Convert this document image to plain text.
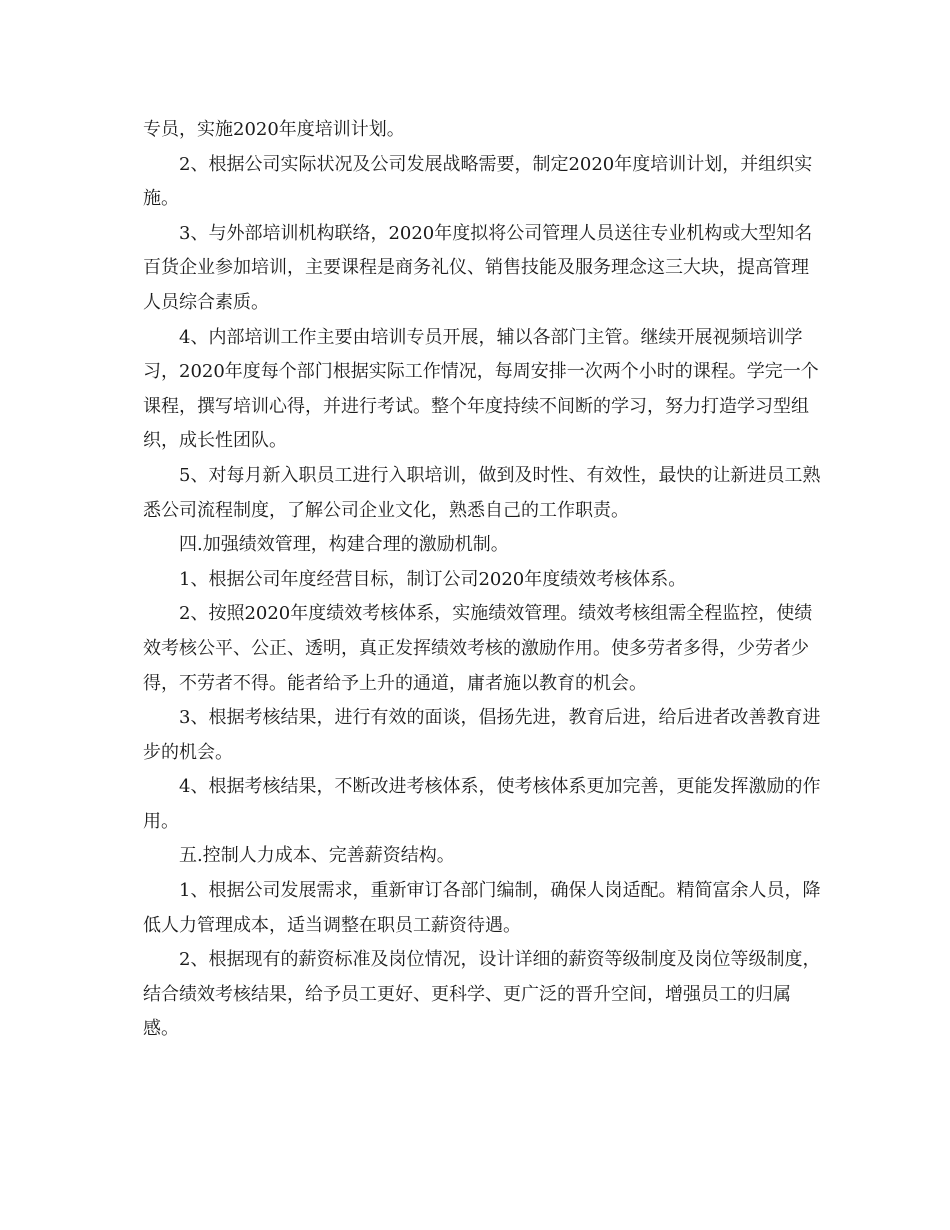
专员，实施2020年度培训计划。

2、根据公司实际状况及公司发展战略需要，制定2020年度培训计划，并组织实施。

3、与外部培训机构联络，2020年度拟将公司管理人员送往专业机构或大型知名百货企业参加培训，主要课程是商务礼仪、销售技能及服务理念这三大块，提高管理人员综合素质。

4、内部培训工作主要由培训专员开展，辅以各部门主管。继续开展视频培训学习，2020年度每个部门根据实际工作情况，每周安排一次两个小时的课程。学完一个课程，撰写培训心得，并进行考试。整个年度持续不间断的学习，努力打造学习型组织，成长性团队。

5、对每月新入职员工进行入职培训，做到及时性、有效性，最快的让新进员工熟悉公司流程制度，了解公司企业文化，熟悉自己的工作职责。

四.加强绩效管理，构建合理的激励机制。

1、根据公司年度经营目标，制订公司2020年度绩效考核体系。

2、按照2020年度绩效考核体系，实施绩效管理。绩效考核组需全程监控，使绩效考核公平、公正、透明，真正发挥绩效考核的激励作用。使多劳者多得，少劳者少得，不劳者不得。能者给予上升的通道，庸者施以教育的机会。

3、根据考核结果，进行有效的面谈，倡扬先进，教育后进，给后进者改善教育进步的机会。

4、根据考核结果，不断改进考核体系，使考核体系更加完善，更能发挥激励的作用。

五.控制人力成本、完善薪资结构。

1、根据公司发展需求，重新审订各部门编制，确保人岗适配。精简富余人员，降低人力管理成本，适当调整在职员工薪资待遇。

2、根据现有的薪资标准及岗位情况，设计详细的薪资等级制度及岗位等级制度，结合绩效考核结果，给予员工更好、更科学、更广泛的晋升空间，增强员工的归属感。
